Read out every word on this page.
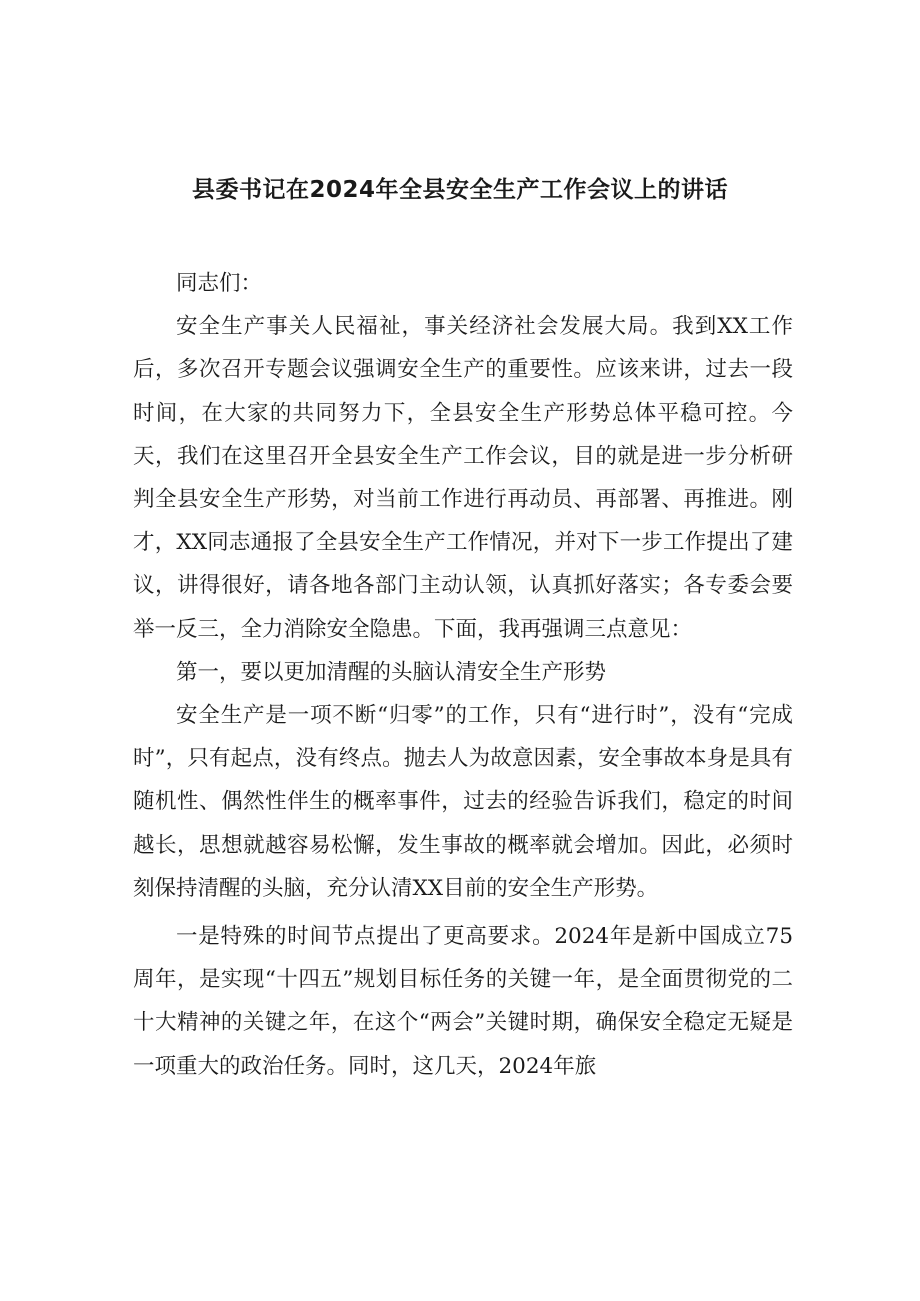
县委书记在2024年全县安全生产工作会议上的讲话

同志们：

安全生产事关人民福祉，事关经济社会发展大局。我到XX工作后，多次召开专题会议强调安全生产的重要性。应该来讲，过去一段时间，在大家的共同努力下，全县安全生产形势总体平稳可控。今天，我们在这里召开全县安全生产工作会议，目的就是进一步分析研判全县安全生产形势，对当前工作进行再动员、再部署、再推进。刚才，XX同志通报了全县安全生产工作情况，并对下一步工作提出了建议，讲得很好，请各地各部门主动认领，认真抓好落实；各专委会要举一反三，全力消除安全隐患。下面，我再强调三点意见：

第一，要以更加清醒的头脑认清安全生产形势

安全生产是一项不断“归零”的工作，只有“进行时”，没有“完成时”，只有起点，没有终点。抛去人为故意因素，安全事故本身是具有随机性、偶然性伴生的概率事件，过去的经验告诉我们，稳定的时间越长，思想就越容易松懈，发生事故的概率就会增加。因此，必须时刻保持清醒的头脑，充分认清XX目前的安全生产形势。

一是特殊的时间节点提出了更高要求。2024年是新中国成立75周年，是实现“十四五”规划目标任务的关键一年，是全面贯彻党的二十大精神的关键之年，在这个“两会”关键时期，确保安全稳定无疑是一项重大的政治任务。同时，这几天，2024年旅
